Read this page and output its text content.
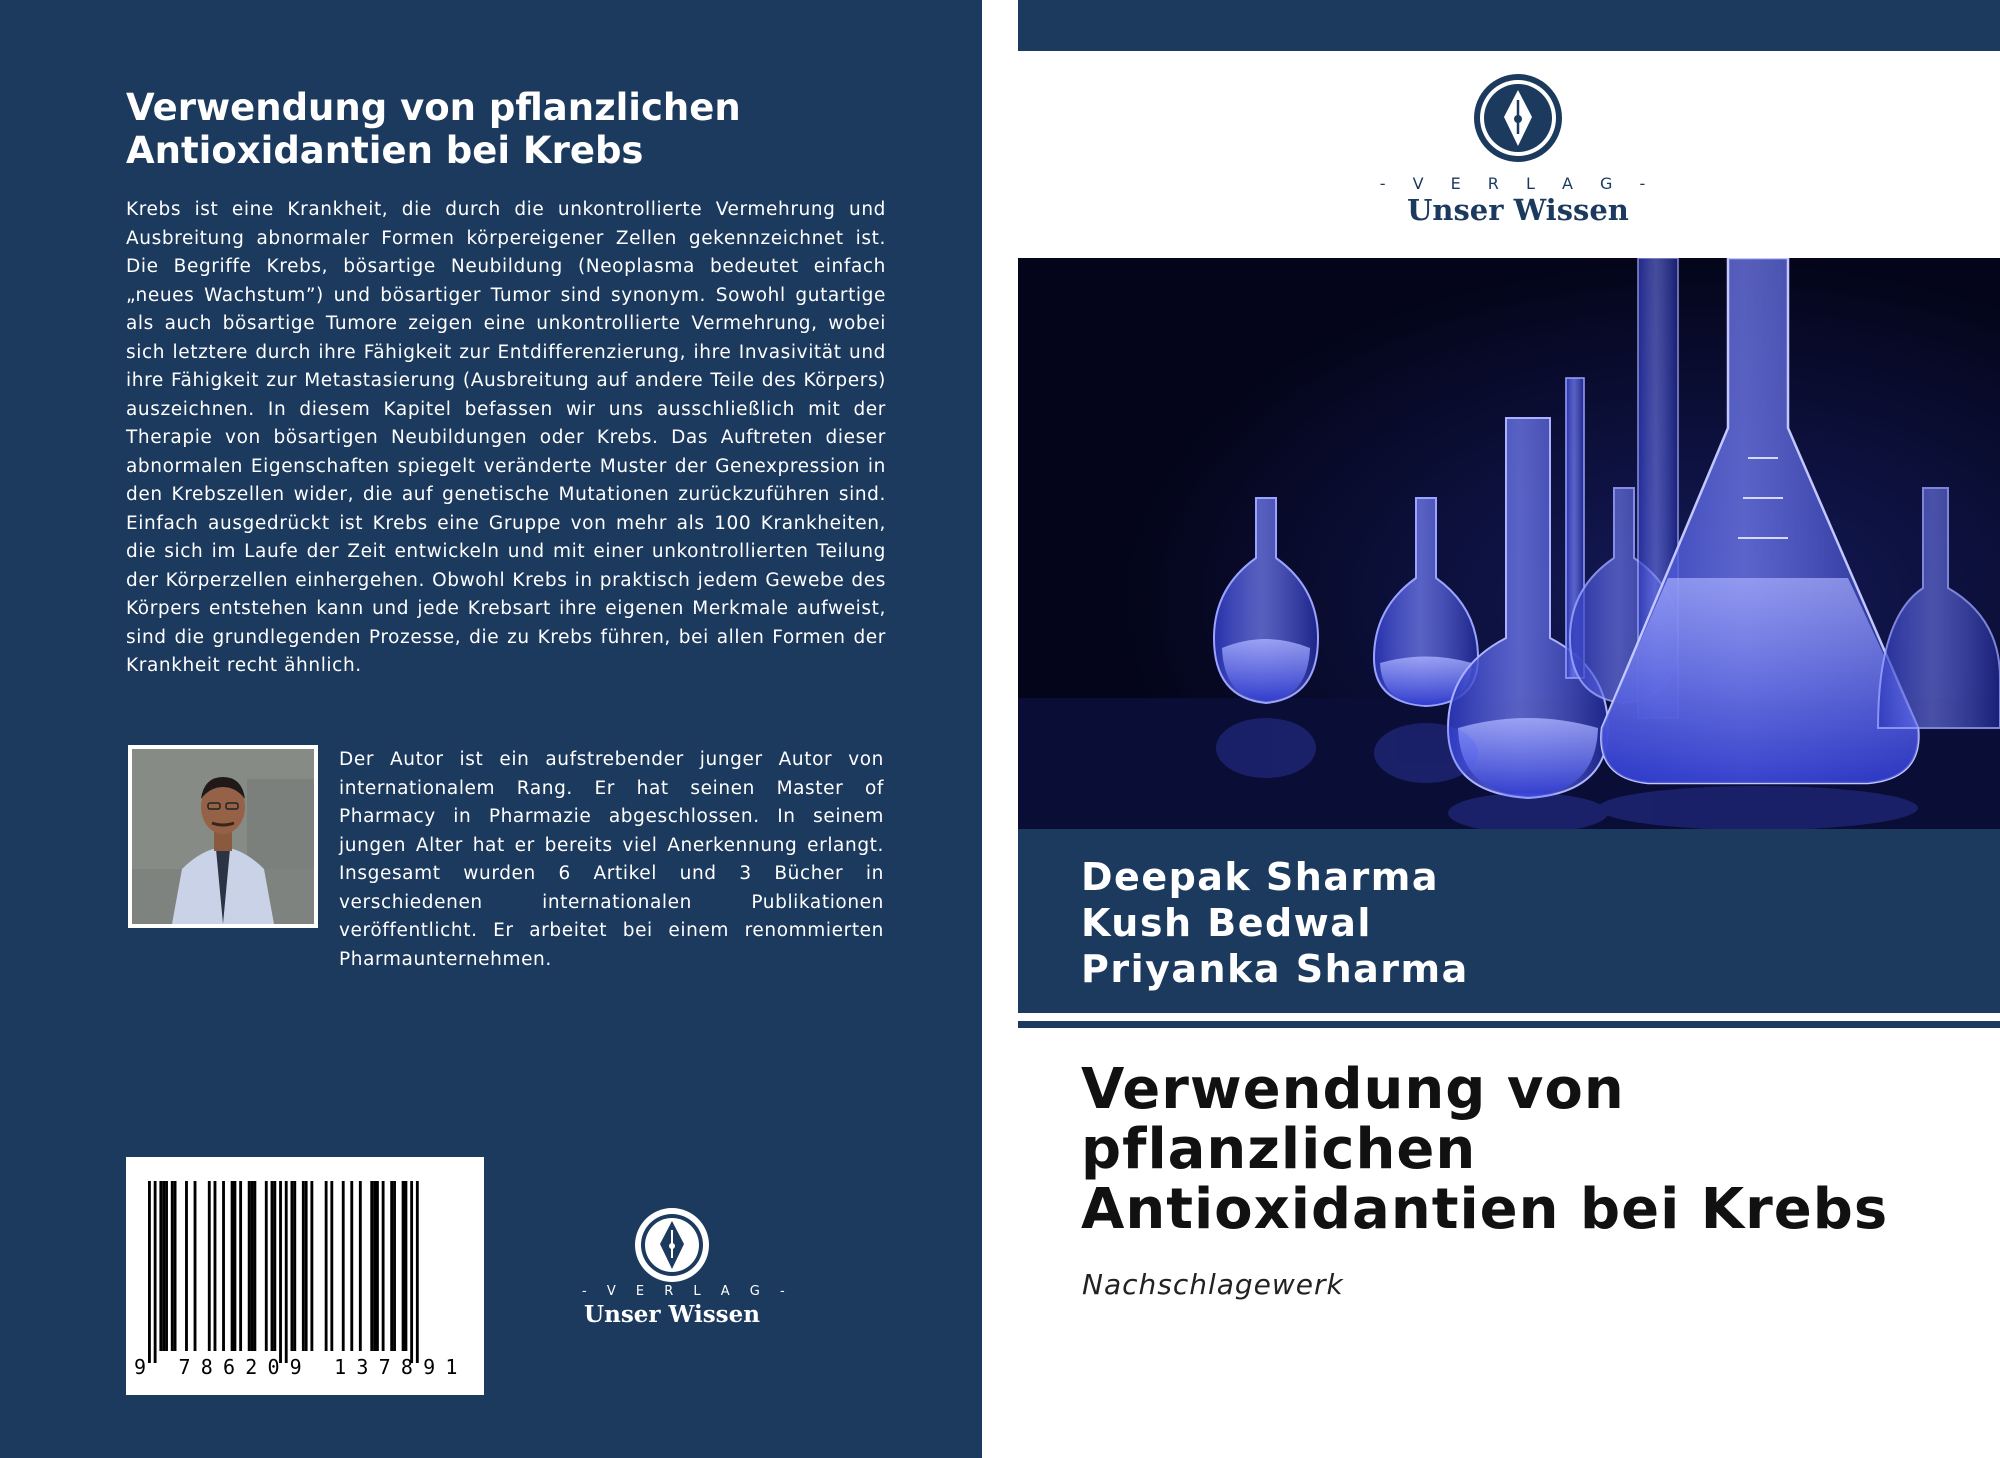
Verwendung von pflanzlichen Antioxidantien bei Krebs
Krebs ist eine Krankheit, die durch die unkontrollierte Vermehrung und Ausbreitung abnormaler Formen körpereigener Zellen gekennzeichnet ist. Die Begriffe Krebs, bösartige Neubildung (Neoplasma bedeutet einfach „neues Wachstum”) und bösartiger Tumor sind synonym. Sowohl gutartige als auch bösartige Tumore zeigen eine unkontrollierte Vermehrung, wobei sich letztere durch ihre Fähigkeit zur Entdifferenzierung, ihre Invasivität und ihre Fähigkeit zur Metastasierung (Ausbreitung auf andere Teile des Körpers) auszeichnen. In diesem Kapitel befassen wir uns ausschließlich mit der Therapie von bösartigen Neubildungen oder Krebs. Das Auftreten dieser abnormalen Eigenschaften spiegelt veränderte Muster der Genexpression in den Krebszellen wider, die auf genetische Mutationen zurückzuführen sind. Einfach ausgedrückt ist Krebs eine Gruppe von mehr als 100 Krankheiten, die sich im Laufe der Zeit entwickeln und mit einer unkontrollierten Teilung der Körperzellen einhergehen. Obwohl Krebs in praktisch jedem Gewebe des Körpers entstehen kann und jede Krebsart ihre eigenen Merkmale aufweist, sind die grundlegenden Prozesse, die zu Krebs führen, bei allen Formen der Krankheit recht ähnlich.
Der Autor ist ein aufstrebender junger Autor von internationalem Rang. Er hat seinen Master of Pharmacy in Pharmazie abgeschlossen. In seinem jungen Alter hat er bereits viel Anerkennung erlangt. Insgesamt wurden 6 Artikel und 3 Bücher in verschiedenen internationalen Publikationen veröffentlicht. Er arbeitet bei einem renommierten Pharmaunternehmen.
9 786209 137891
- V E R L A G -
Unser Wissen
- V E R L A G -
Unser Wissen
Deepak Sharma
Kush Bedwal
Priyanka Sharma
Verwendung von
pflanzlichen
Antioxidantien bei Krebs
Nachschlagewerk
